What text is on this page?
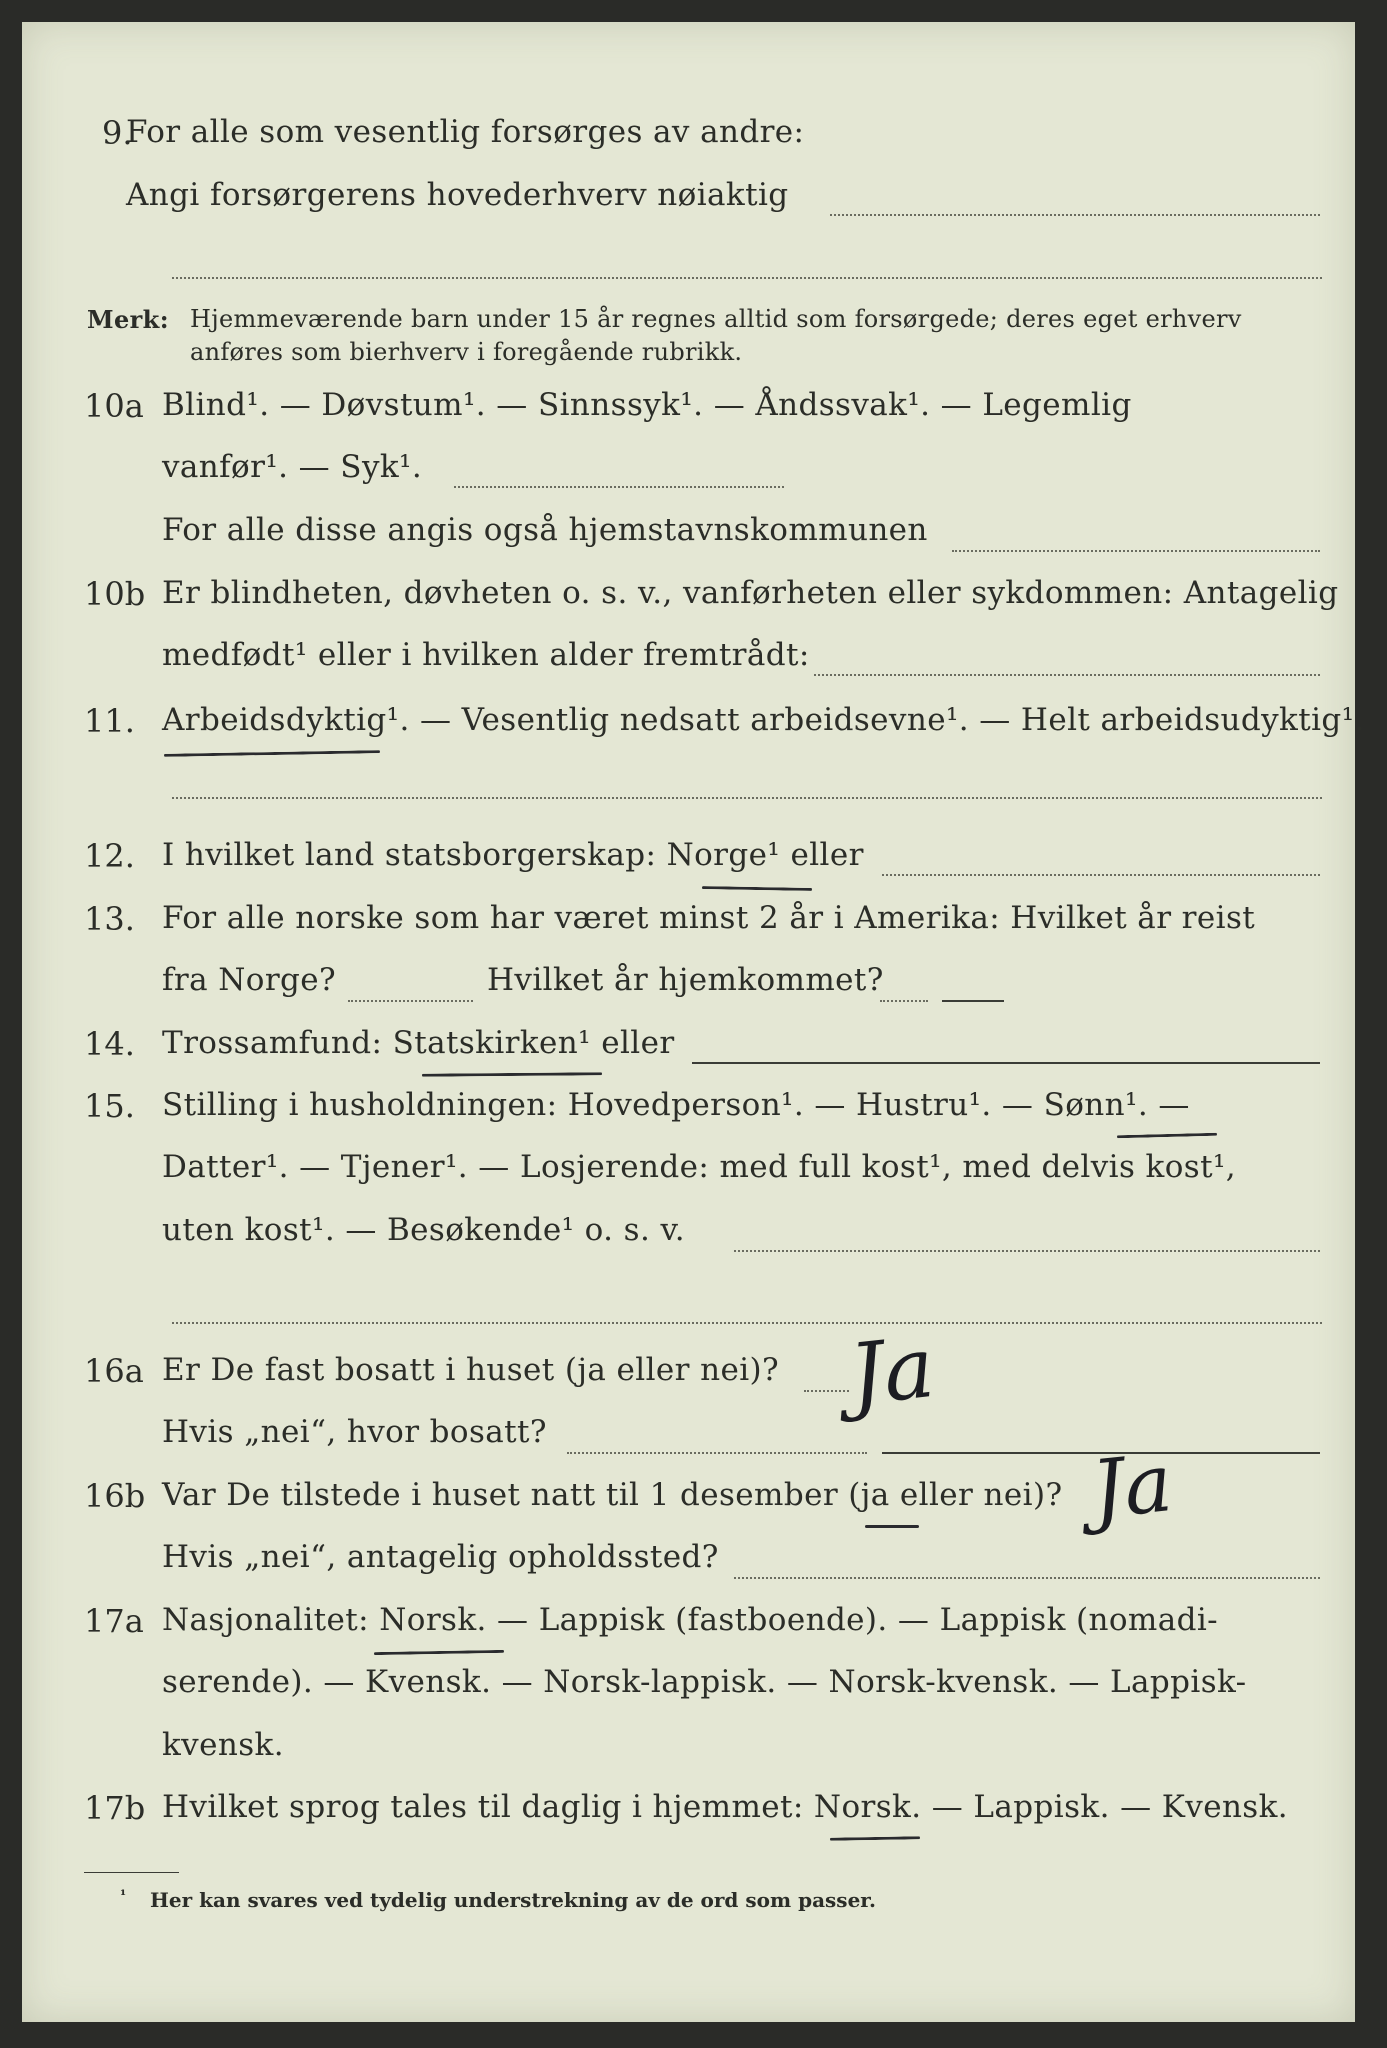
9.
For alle som vesentlig forsørges av andre:
Angi forsørgerens hovederhverv nøiaktig
Merk: Hjemmeværende barn under 15 år regnes alltid som forsørgede; deres eget erhverv
anføres som bierhverv i foregående rubrikk.
10a Blind¹. — Døvstum¹. — Sinnssyk¹. — Åndssvak¹. — Legemlig
vanfør¹. — Syk¹.
For alle disse angis også hjemstavnskommunen
10b Er blindheten, døvheten o. s. v., vanførheten eller sykdommen: Antagelig
medfødt¹ eller i hvilken alder fremtrådt:
11. Arbeidsdyktig¹. — Vesentlig nedsatt arbeidsevne¹. — Helt arbeidsudyktig¹.
12. I hvilket land statsborgerskap: Norge¹ eller
13. For alle norske som har været minst 2 år i Amerika: Hvilket år reist
fra Norge?	Hvilket år hjemkommet?
14. Trossamfund: Statskirken¹ eller
15. Stilling i husholdningen: Hovedperson¹. — Hustru¹. — Sønn¹. —
Datter¹. — Tjener¹. — Losjerende: med full kost¹, med delvis kost¹,
uten kost¹. — Besøkende¹ o. s. v.
16a Er De fast bosatt i huset (ja eller nei)? Ja
Hvis „nei“, hvor bosatt?
16b Var De tilstede i huset natt til 1 desember (ja eller nei)? Ja
Hvis „nei“, antagelig opholdssted?
17a Nasjonalitet: Norsk. — Lappisk (fastboende). — Lappisk (nomadi-
serende). — Kvensk. — Norsk-lappisk. — Norsk-kvensk. — Lappisk-
kvensk.
17b Hvilket sprog tales til daglig i hjemmet: Norsk. — Lappisk. — Kvensk.
¹ Her kan svares ved tydelig understrekning av de ord som passer.
